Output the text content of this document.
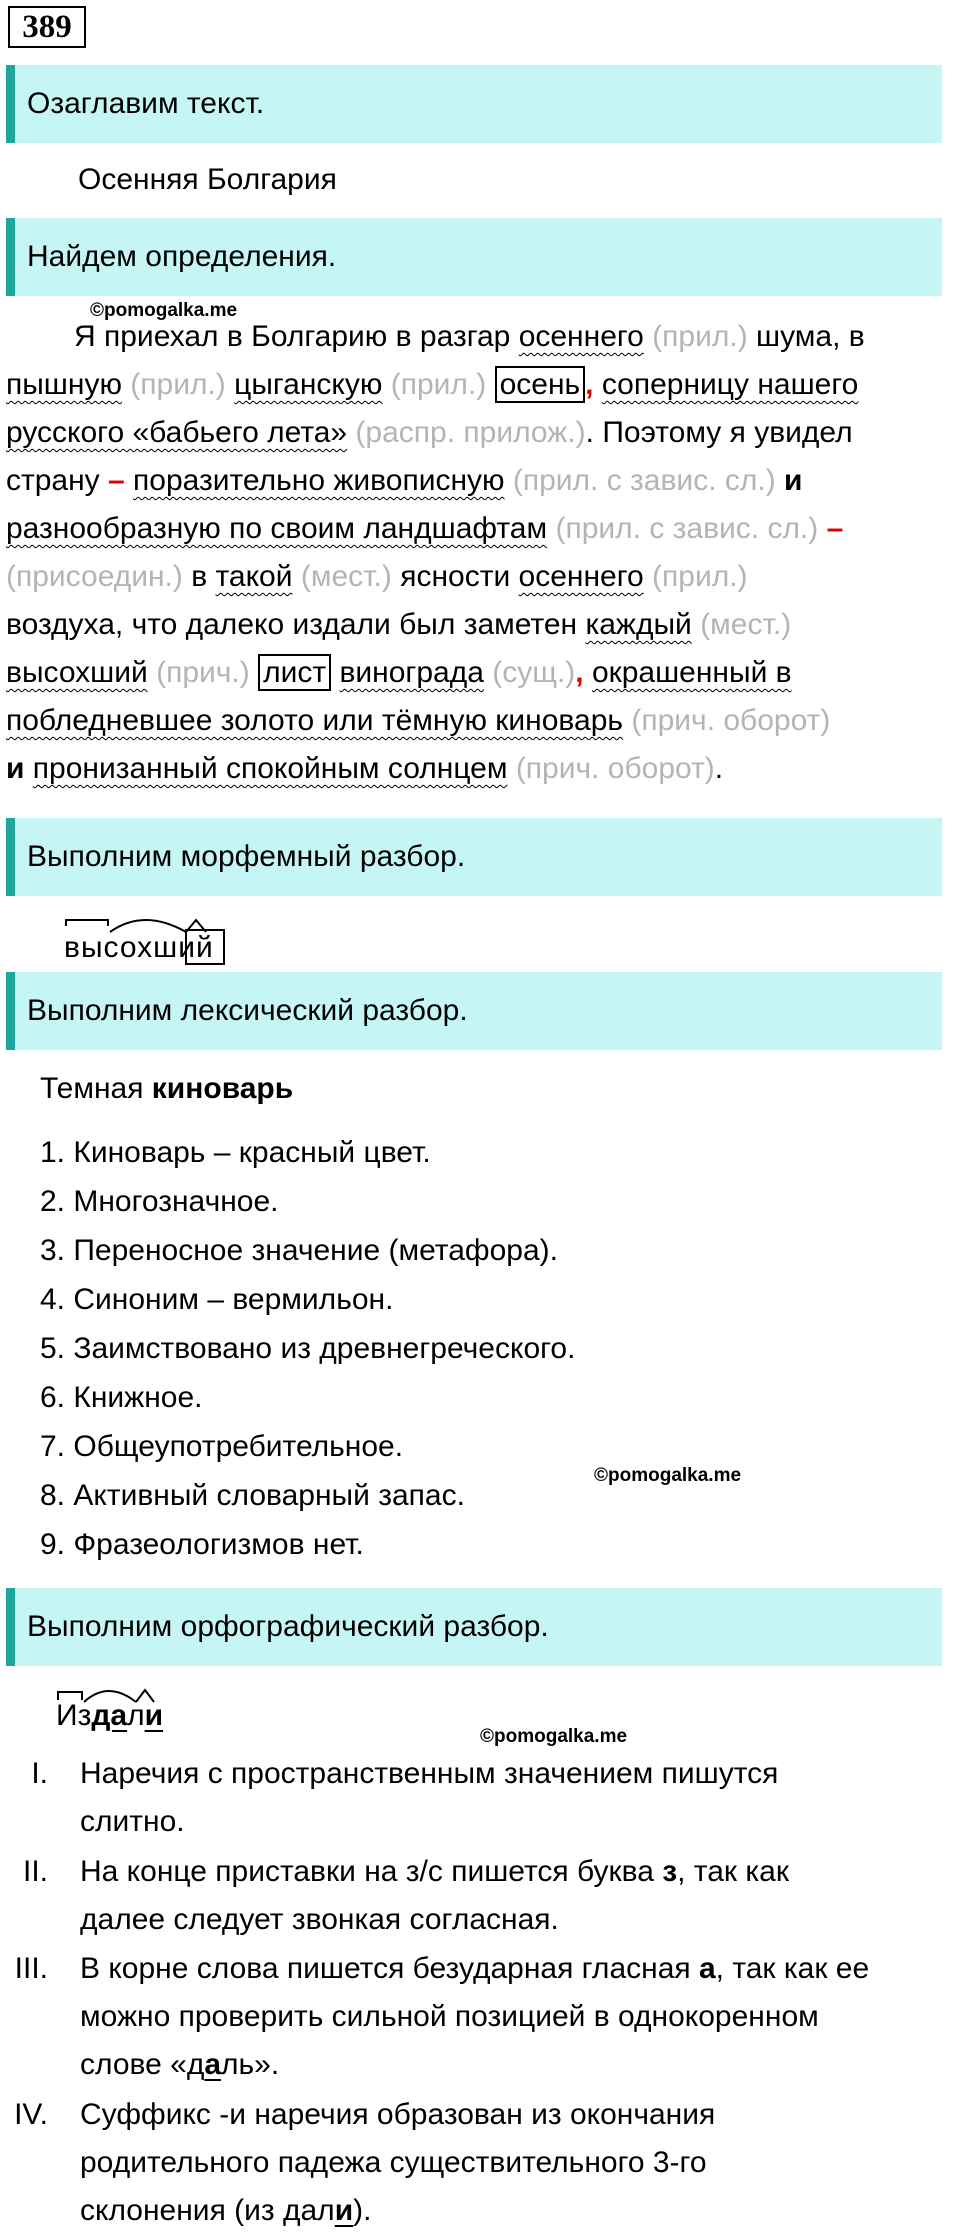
389
Озаглавим текст.
Осенняя Болгария
Найдем определения.
©pomogalka.me
Я приехал в Болгарию в разгар осеннего (прил.) шума, в
пышную (прил.) цыганскую (прил.) осень , соперницу нашего
русского «бабьего лета» (распр. прилож.). Поэтому я увидел
страну – поразительно живописную (прил. с завис. сл.) и
разнообразную по своим ландшафтам (прил. с завис. сл.) –
(присоедин.) в такой (мест.) ясности осеннего (прил.)
воздуха, что далеко издали был заметен каждый (мест.)
высохший (прич.) лист винограда (сущ.), окрашенный в
побледневшее золото или тёмную киноварь (прич. оборот)
и пронизанный спокойным солнцем (прич. оборот).
Выполним морфемный разбор.
высохший
Выполним лексический разбор.
Темная киноварь
1. Киноварь – красный цвет.
2. Многозначное.
3. Переносное значение (метафора).
4. Синоним – вермильон.
5. Заимствовано из древнегреческого.
6. Книжное.
7. Общеупотребительное.
8. Активный словарный запас.
9. Фразеологизмов нет.
©pomogalka.me
Выполним орфографический разбор.
Издали
©pomogalka.me
I. Наречия с пространственным значением пишутся
слитно.
II. На конце приставки на з/с пишется буква з, так как
далее следует звонкая согласная.
III. В корне слова пишется безударная гласная а, так как ее
можно проверить сильной позицией в однокоренном
слове «даль».
IV. Суффикс -и наречия образован из окончания
родительного падежа существительного 3-го
склонения (из дали).
